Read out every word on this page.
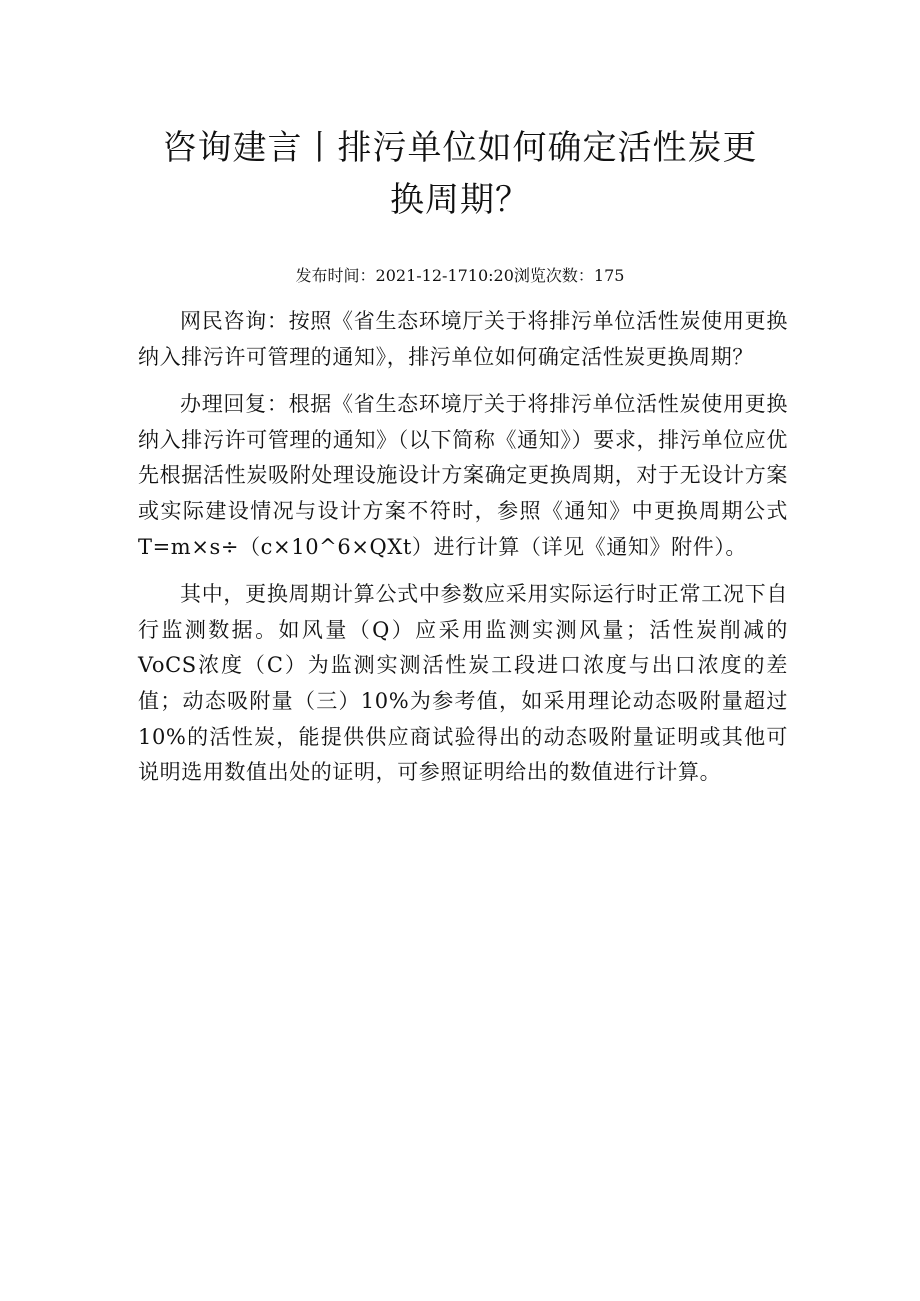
咨询建言丨排污单位如何确定活性炭更换周期？
发布时间：2021-12-1710:20浏览次数：175

网民咨询：按照《省生态环境厅关于将排污单位活性炭使用更换纳入排污许可管理的通知》，排污单位如何确定活性炭更换周期？

办理回复：根据《省生态环境厅关于将排污单位活性炭使用更换纳入排污许可管理的通知》（以下简称《通知》）要求，排污单位应优先根据活性炭吸附处理设施设计方案确定更换周期，对于无设计方案或实际建设情况与设计方案不符时，参照《通知》中更换周期公式T=m×s÷（c×10^6×QXt）进行计算（详见《通知》附件）。

其中，更换周期计算公式中参数应采用实际运行时正常工况下自行监测数据。如风量（Q）应采用监测实测风量；活性炭削减的VoCS浓度（C）为监测实测活性炭工段进口浓度与出口浓度的差值；动态吸附量（三）10%为参考值，如采用理论动态吸附量超过10%的活性炭，能提供供应商试验得出的动态吸附量证明或其他可说明选用数值出处的证明，可参照证明给出的数值进行计算。
